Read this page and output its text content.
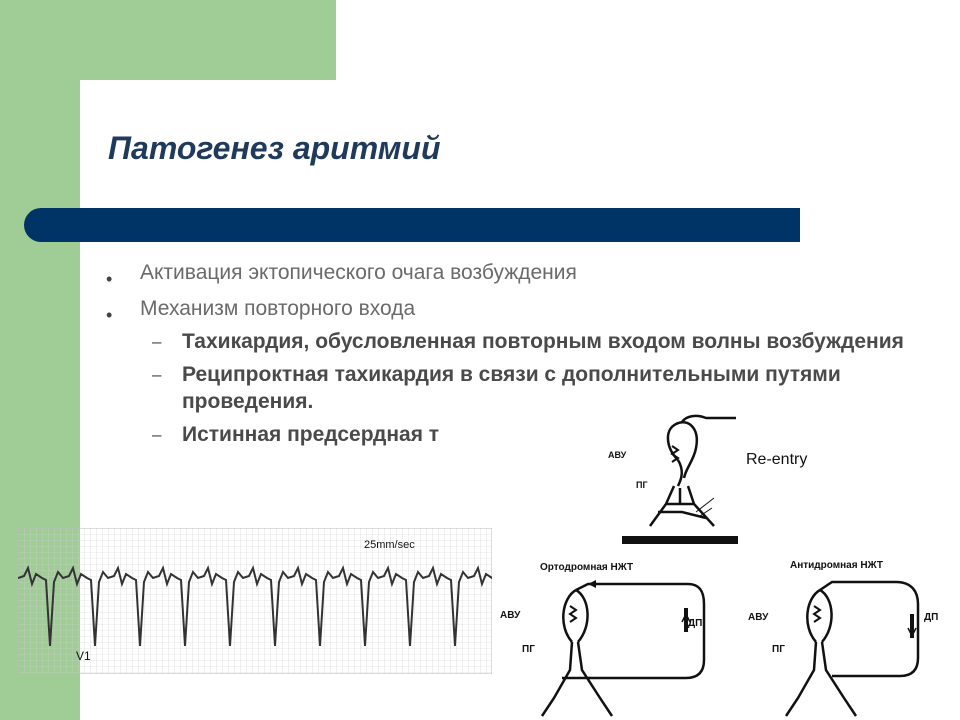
Патогенез аритмий
• Активация эктопического очага возбуждения
• Механизм повторного входа
– Тахикардия, обусловленная повторным входом волны возбуждения
– Реципроктная тахикардия в связи с дополнительными путями проведения.
– Истинная предсердная т
АВУ
ПГ
Re-entry
25mm/sec
V1
Ортодромная НЖТ
АВУ
ПГ
ДП
Антидромная НЖТ
АВУ
ПГ
ДП
